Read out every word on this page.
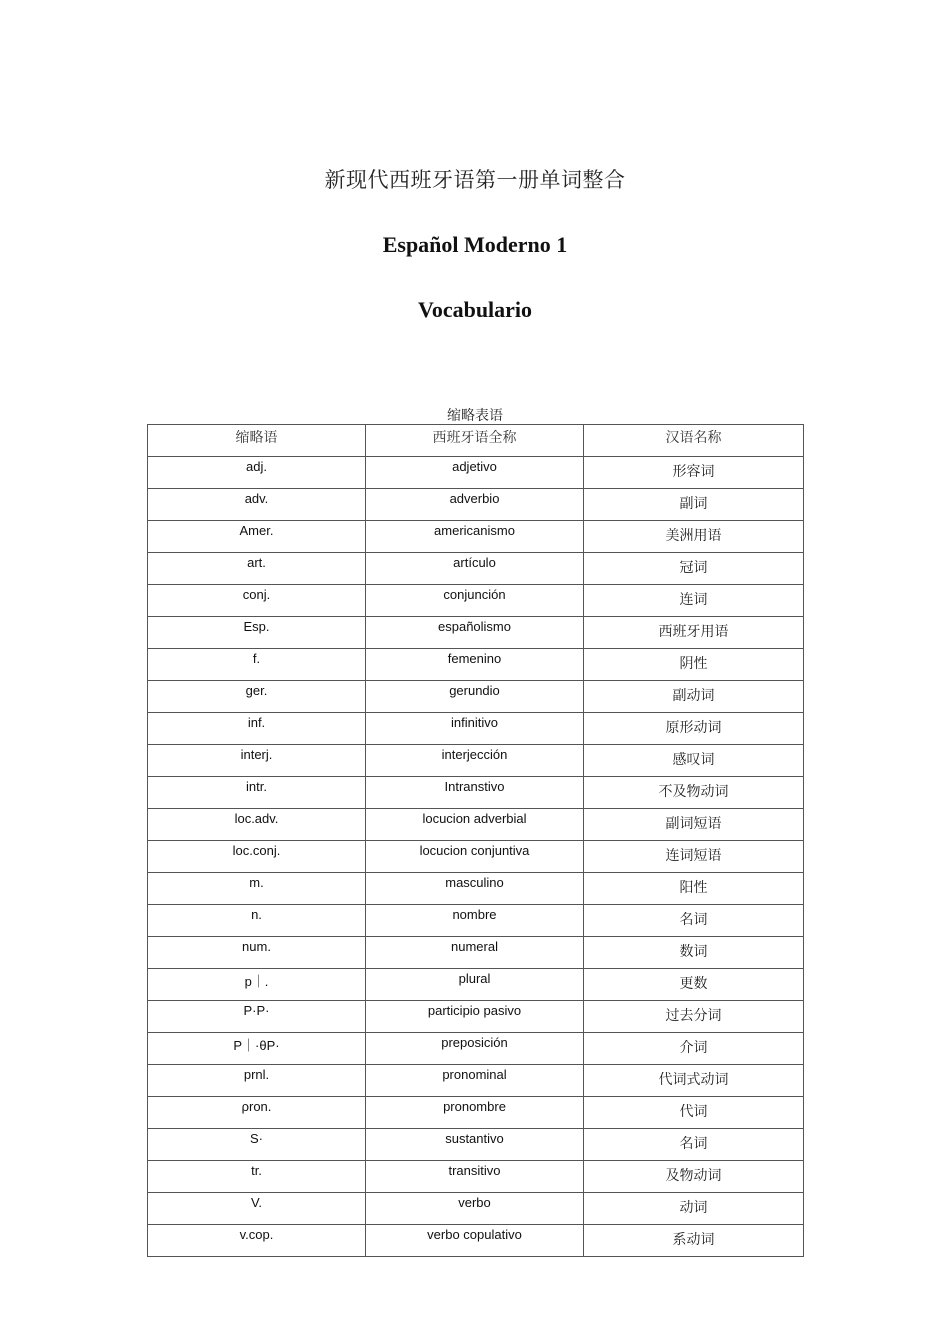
新现代西班牙语第一册单词整合
Español Moderno 1
Vocabulario
缩略表语
缩略语	西班牙语全称	汉语名称
adj.	adjetivo	形容词
adv.	adverbio	副词
Amer.	americanismo	美洲用语
art.	artículo	冠词
conj.	conjunción	连词
Esp.	españolismo	西班牙用语
f.	femenino	阴性
ger.	gerundio	副动词
inf.	infinitivo	原形动词
interj.	interjección	感叹词
intr.	Intranstivo	不及物动词
loc.adv.	locucion adverbial	副词短语
loc.conj.	locucion conjuntiva	连词短语
m.	masculino	阳性
n.	nombre	名词
num.	numeral	数词
p｜.	plural	更数
P·P·	participio pasivo	过去分词
P｜·θP·	preposición	介词
prnl.	pronominal	代词式动词
ρron.	pronombre	代词
S·	sustantivo	名词
tr.	transitivo	及物动词
V.	verbo	动词
v.cop.	verbo copulativo	系动词
